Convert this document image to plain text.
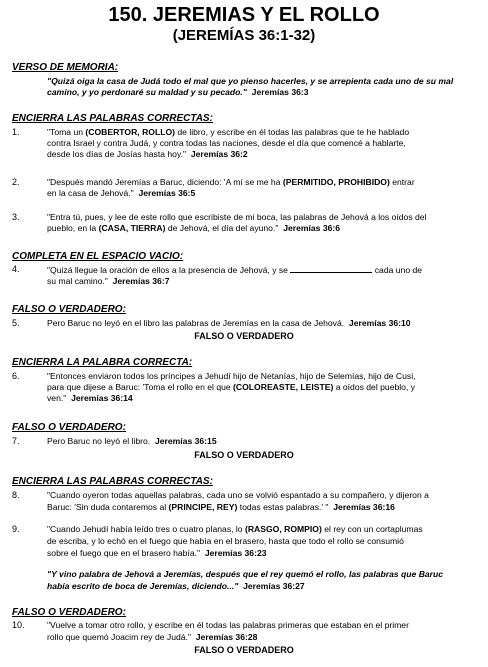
150. JEREMIAS Y EL ROLLO
(JEREMÍAS 36:1-32)
VERSO DE MEMORIA:
"Quizá oiga la casa de Judá todo el mal que yo pienso hacerles, y se arrepienta cada uno de su mal
camino, y yo perdonaré su maldad y su pecado." Jeremías 36:3
ENCIERRA LAS PALABRAS CORRECTAS:
1.	"Toma un (COBERTOR, ROLLO) de libro, y escribe en él todas las palabras que te he hablado
contra Israel y contra Judá, y contra todas las naciones, desde el día que comencé a hablarte,
desde los días de Josías hasta hoy." Jeremías 36:2
2.	"Después mandó Jeremías a Baruc, diciendo: 'A mí se me ha (PERMITIDO, PROHIBIDO) entrar
en la casa de Jehová." Jeremías 36:5
3.	"Entra tú, pues, y lee de este rollo que escribiste de mi boca, las palabras de Jehová a los oídos del
pueblo, en la (CASA, TIERRA) de Jehová, el día del ayuno." Jeremías 36:6
COMPLETA EN EL ESPACIO VACIO:
4.	"Quizá llegue la oración de ellos a la presencia de Jehová, y se	cada uno de
su mal camino." Jeremías 36:7
FALSO O VERDADERO:
5.	Pero Baruc no leyó en el libro las palabras de Jeremías en la casa de Jehová. Jeremías 36:10
FALSO O VERDADERO
ENCIERRA LA PALABRA CORRECTA:
6.	"Entonces enviaron todos los príncipes a Jehudí hijo de Netanías, hijo de Selemías, hijo de Cusi,
para que dijese a Baruc: 'Toma el rollo en el que (COLOREASTE, LEISTE) a oídos del pueblo, y
ven." Jeremías 36:14
FALSO O VERDADERO:
7.	Pero Baruc no leyó el libro. Jeremías 36:15
FALSO O VERDADERO
ENCIERRA LAS PALABRAS CORRECTAS:
8.	"Cuando oyeron todas aquellas palabras, cada uno se volvió espantado a su compañero, y dijeron a
Baruc: 'Sin duda contaremos al (PRINCIPE, REY) todas estas palabras.' " Jeremías 36:16
9.	"Cuando Jehudí había leído tres o cuatro planas, lo (RASGO, ROMPIO) el rey con un cortaplumas
de escriba, y lo echó en el fuego que había en el brasero, hasta que todo el rollo se consumió
sobre el fuego que en el brasero había." Jeremías 36:23
"Y vino palabra de Jehová a Jeremías, después que el rey quemó el rollo, las palabras que Baruc
había escrito de boca de Jeremías, diciendo..." Jeremías 36:27
FALSO O VERDADERO:
10.	"Vuelve a tomar otro rollo, y escribe en él todas las palabras primeras que estaban en el primer
rollo que quemó Joacim rey de Judá." Jeremías 36:28
FALSO O VERDADERO
